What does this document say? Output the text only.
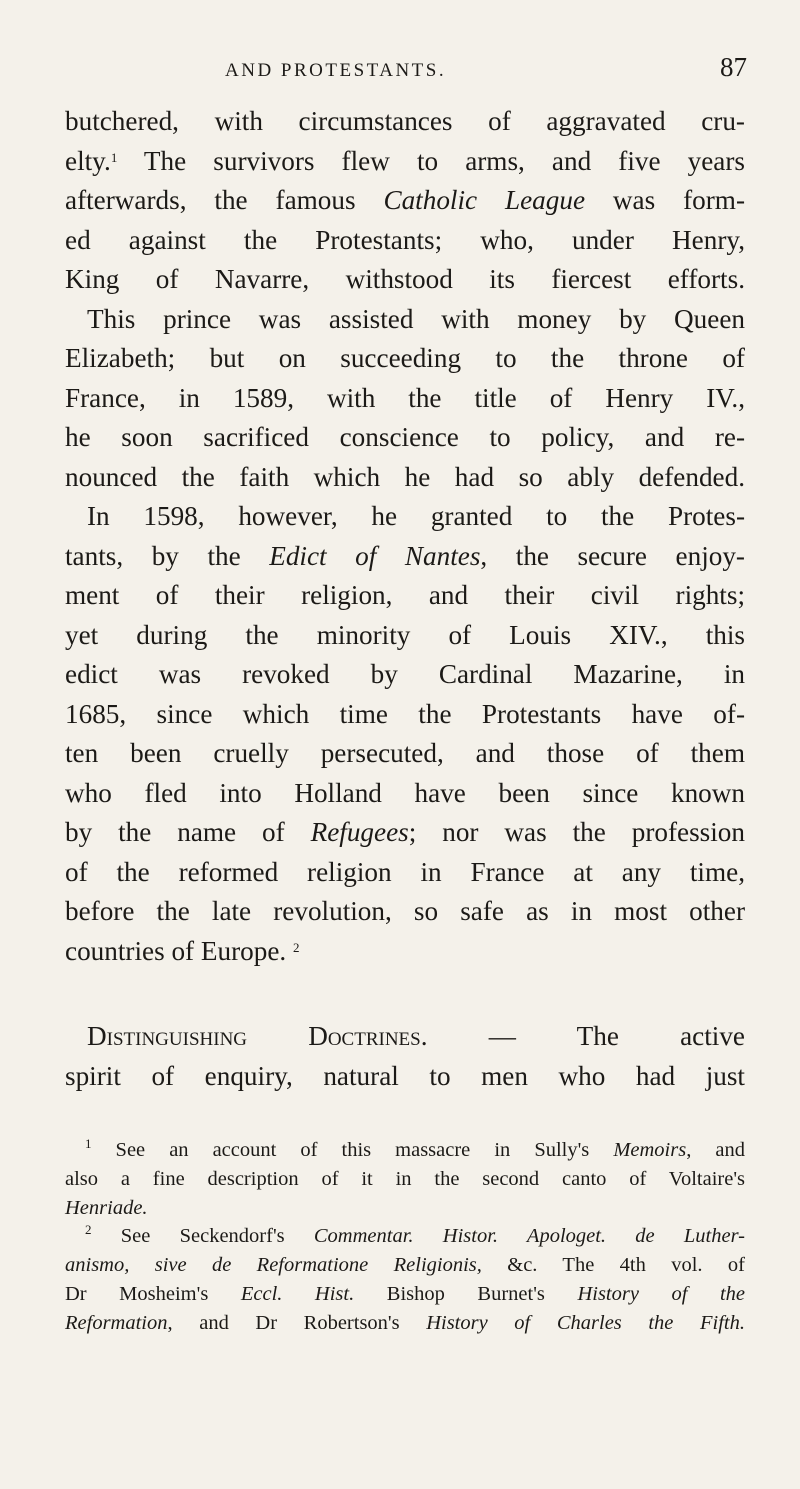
AND PROTESTANTS.	87
butchered, with circumstances of aggravated cru-
elty.$^1$ The survivors flew to arms, and five years
afterwards, the famous Catholic League was form-
ed against the Protestants; who, under Henry,
King of Navarre, withstood its fiercest efforts.
This prince was assisted with money by Queen
Elizabeth; but on succeeding to the throne of
France, in 1589, with the title of Henry IV.,
he soon sacrificed conscience to policy, and re-
nounced the faith which he had so ably defended.
In 1598, however, he granted to the Protes-
tants, by the Edict of Nantes, the secure enjoy-
ment of their religion, and their civil rights;
yet during the minority of Louis XIV., this
edict was revoked by Cardinal Mazarine, in
1685, since which time the Protestants have of-
ten been cruelly persecuted, and those of them
who fled into Holland have been since known
by the name of Refugees; nor was the profession
of the reformed religion in France at any time,
before the late revolution, so safe as in most other
countries of Europe. $^2$
Distinguishing Doctrines. — The active
spirit of enquiry, natural to men who had just
$^1$ See an account of this massacre in Sully's Memoirs, and
also a fine description of it in the second canto of Voltaire's
Henriade.
$^2$ See Seckendorf's Commentar. Histor. Apologet. de Luther-
anismo, sive de Reformatione Religionis, &c. The 4th vol. of
Dr Mosheim's Eccl. Hist. Bishop Burnet's History of the
Reformation, and Dr Robertson's History of Charles the Fifth.
